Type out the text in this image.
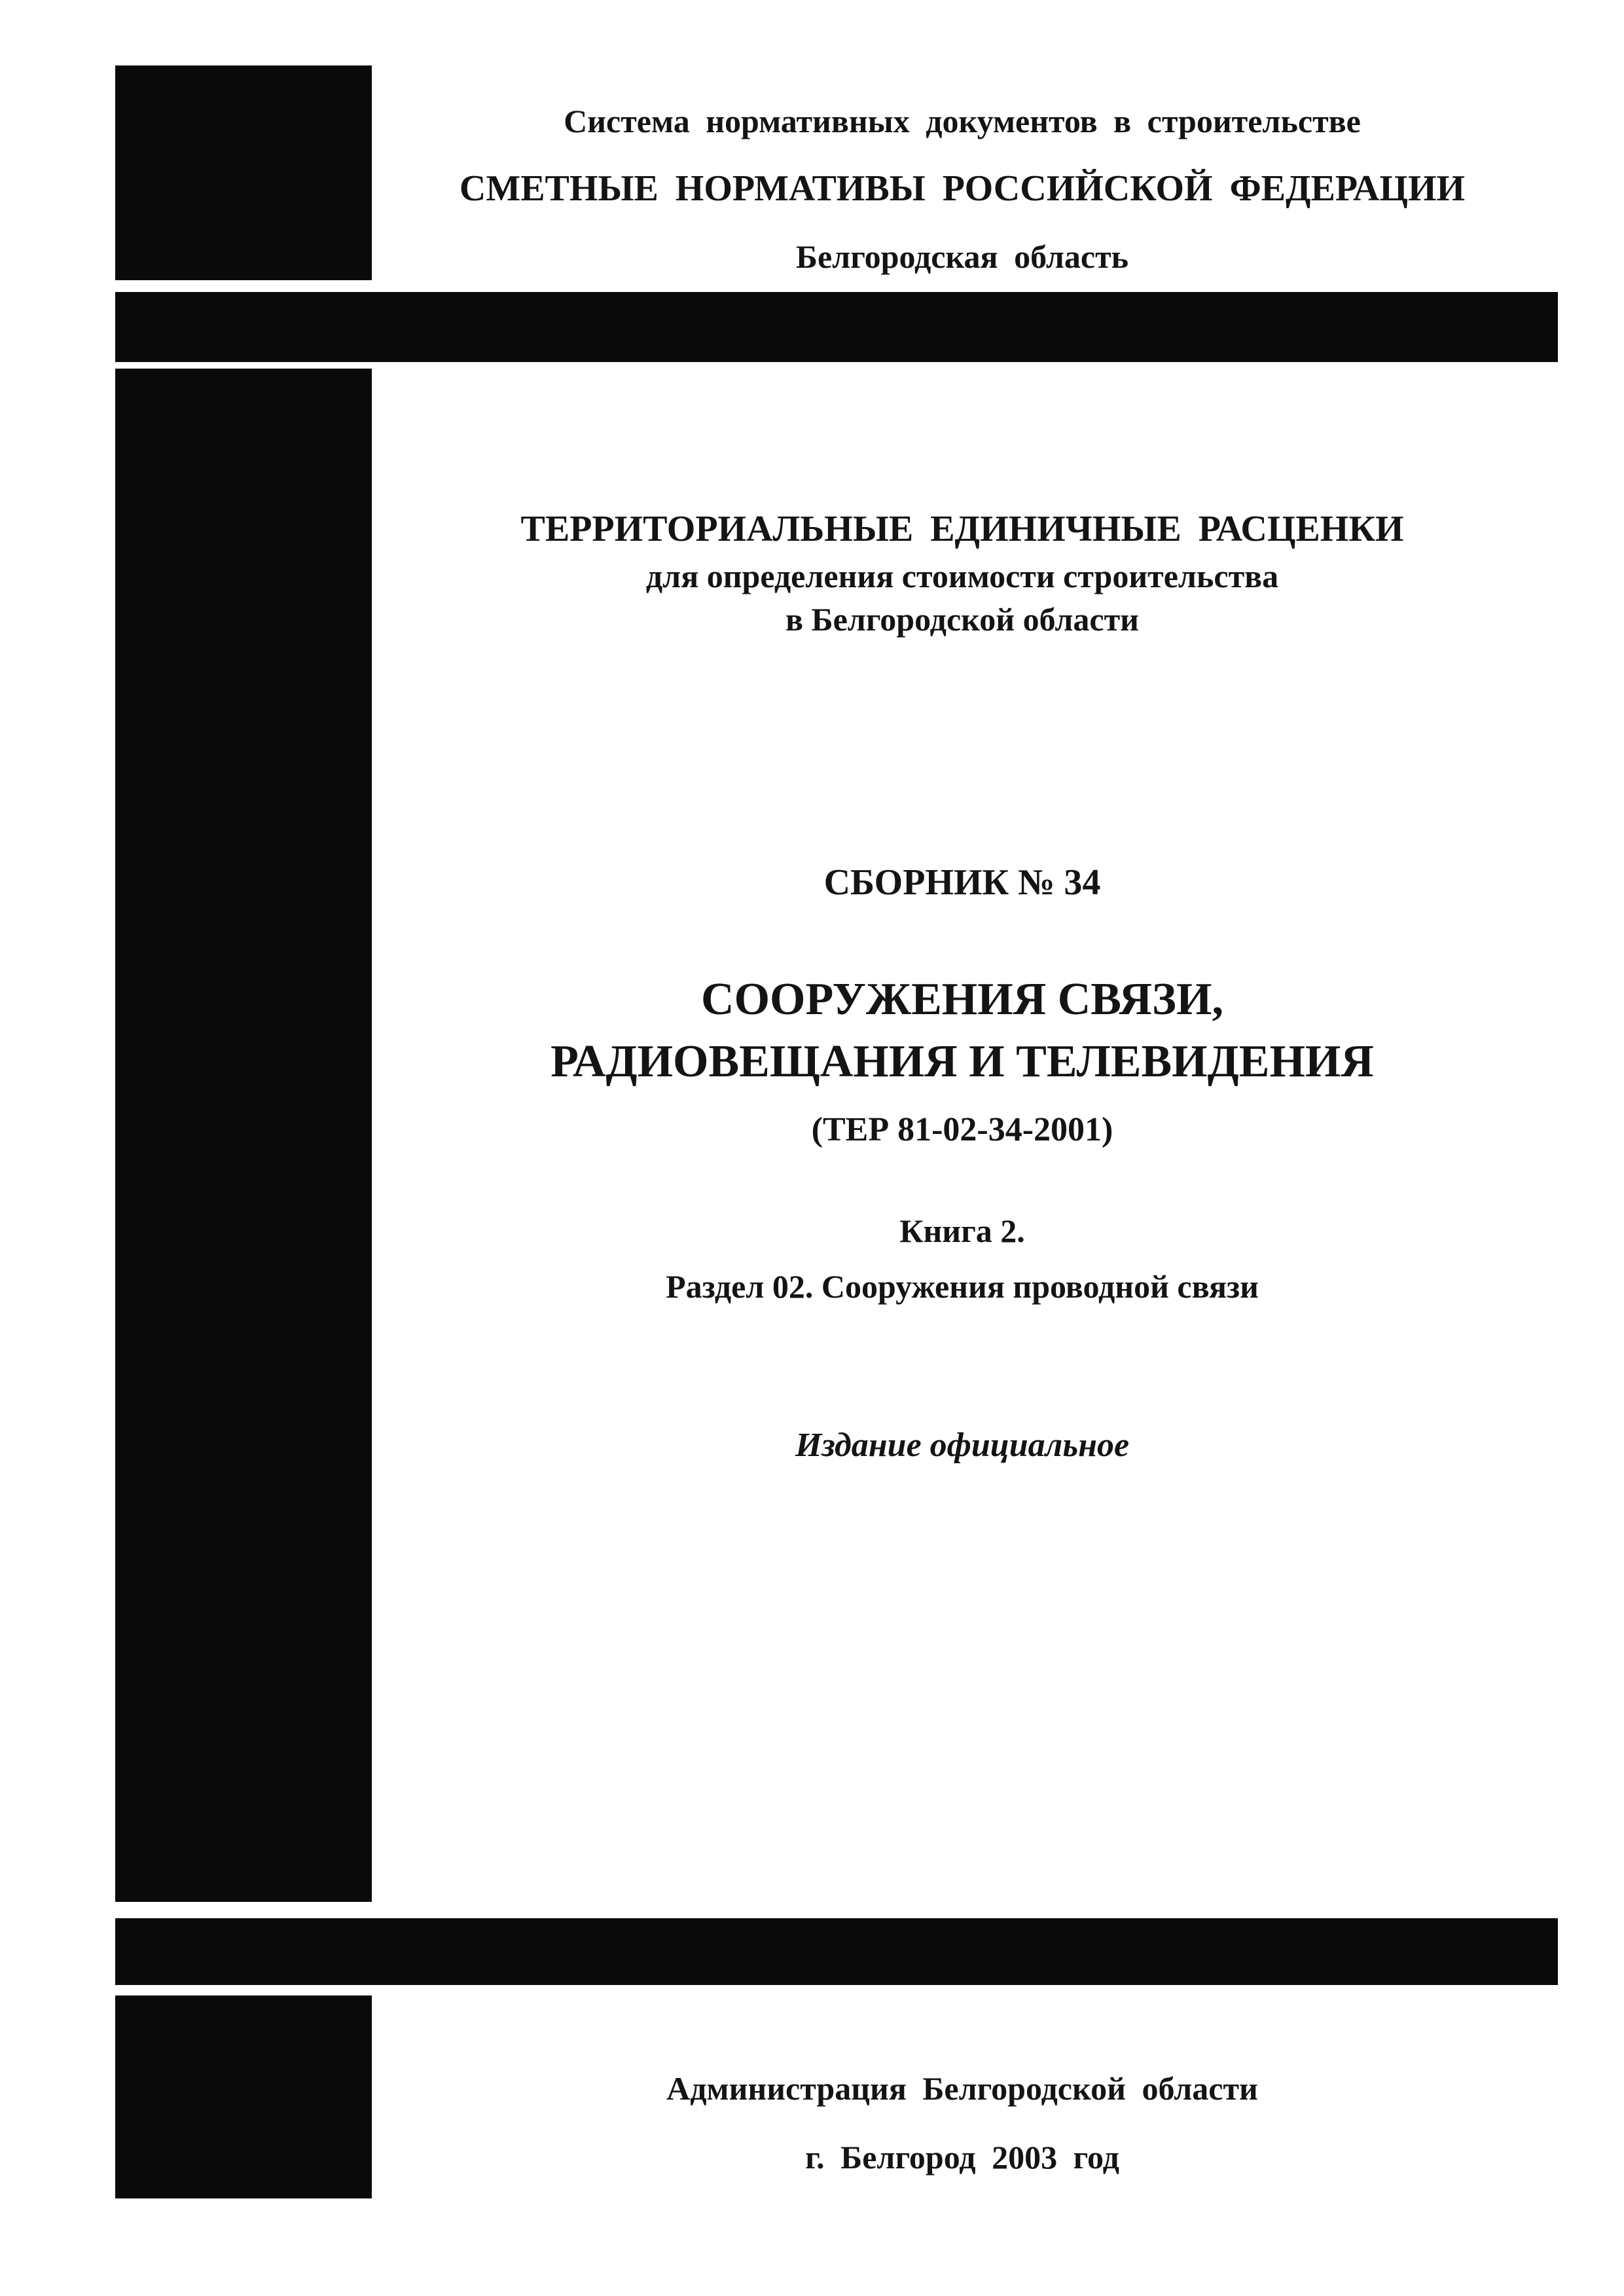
Система нормативных документов в строительстве
СМЕТНЫЕ НОРМАТИВЫ РОССИЙСКОЙ ФЕДЕРАЦИИ
Белгородская область
ТЕРРИТОРИАЛЬНЫЕ ЕДИНИЧНЫЕ РАСЦЕНКИ
для определения стоимости строительства
в Белгородской области
СБОРНИК № 34
СООРУЖЕНИЯ СВЯЗИ,
РАДИОВЕЩАНИЯ И ТЕЛЕВИДЕНИЯ
(ТЕР 81-02-34-2001)
Книга 2.
Раздел 02. Сооружения проводной связи
Издание официальное
Администрация Белгородской области
г. Белгород 2003 год
